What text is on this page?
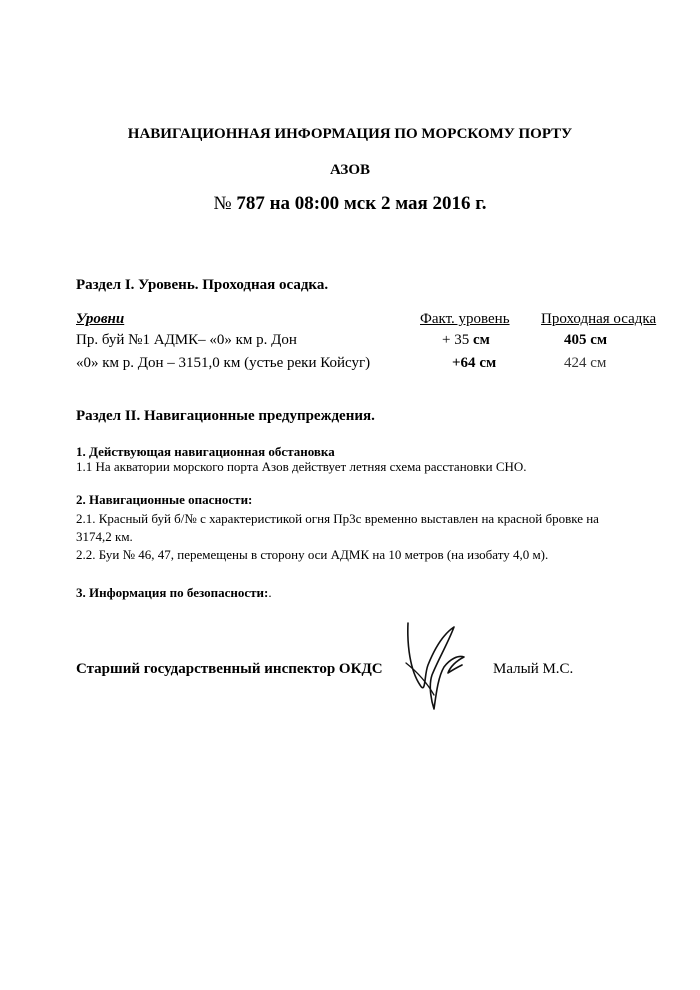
НАВИГАЦИОННАЯ ИНФОРМАЦИЯ ПО МОРСКОМУ ПОРТУ
АЗОВ
№ 787 на 08:00 мск 2 мая 2016 г.
Раздел I. Уровень. Проходная осадка.
Уровни	Факт. уровень Проходная осадка
Пр. буй №1 АДМК– «0» км р. Дон	+ 35 см	405 см
«0» км р. Дон – 3151,0 км (устье реки Койсуг)	+64 см	424 см
Раздел II. Навигационные предупреждения.
1. Действующая навигационная обстановка
1.1 На акватории морского порта Азов действует летняя схема расстановки СНО.
2. Навигационные опасности:
2.1. Красный буй б/№ с характеристикой огня Пр3с временно выставлен на красной бровке на
3174,2 км.
2.2. Буи № 46, 47, перемещены в сторону оси АДМК на 10 метров (на изобату 4,0 м).
3. Информация по безопасности:.
Старший государственный инспектор ОКДС	Малый М.С.
